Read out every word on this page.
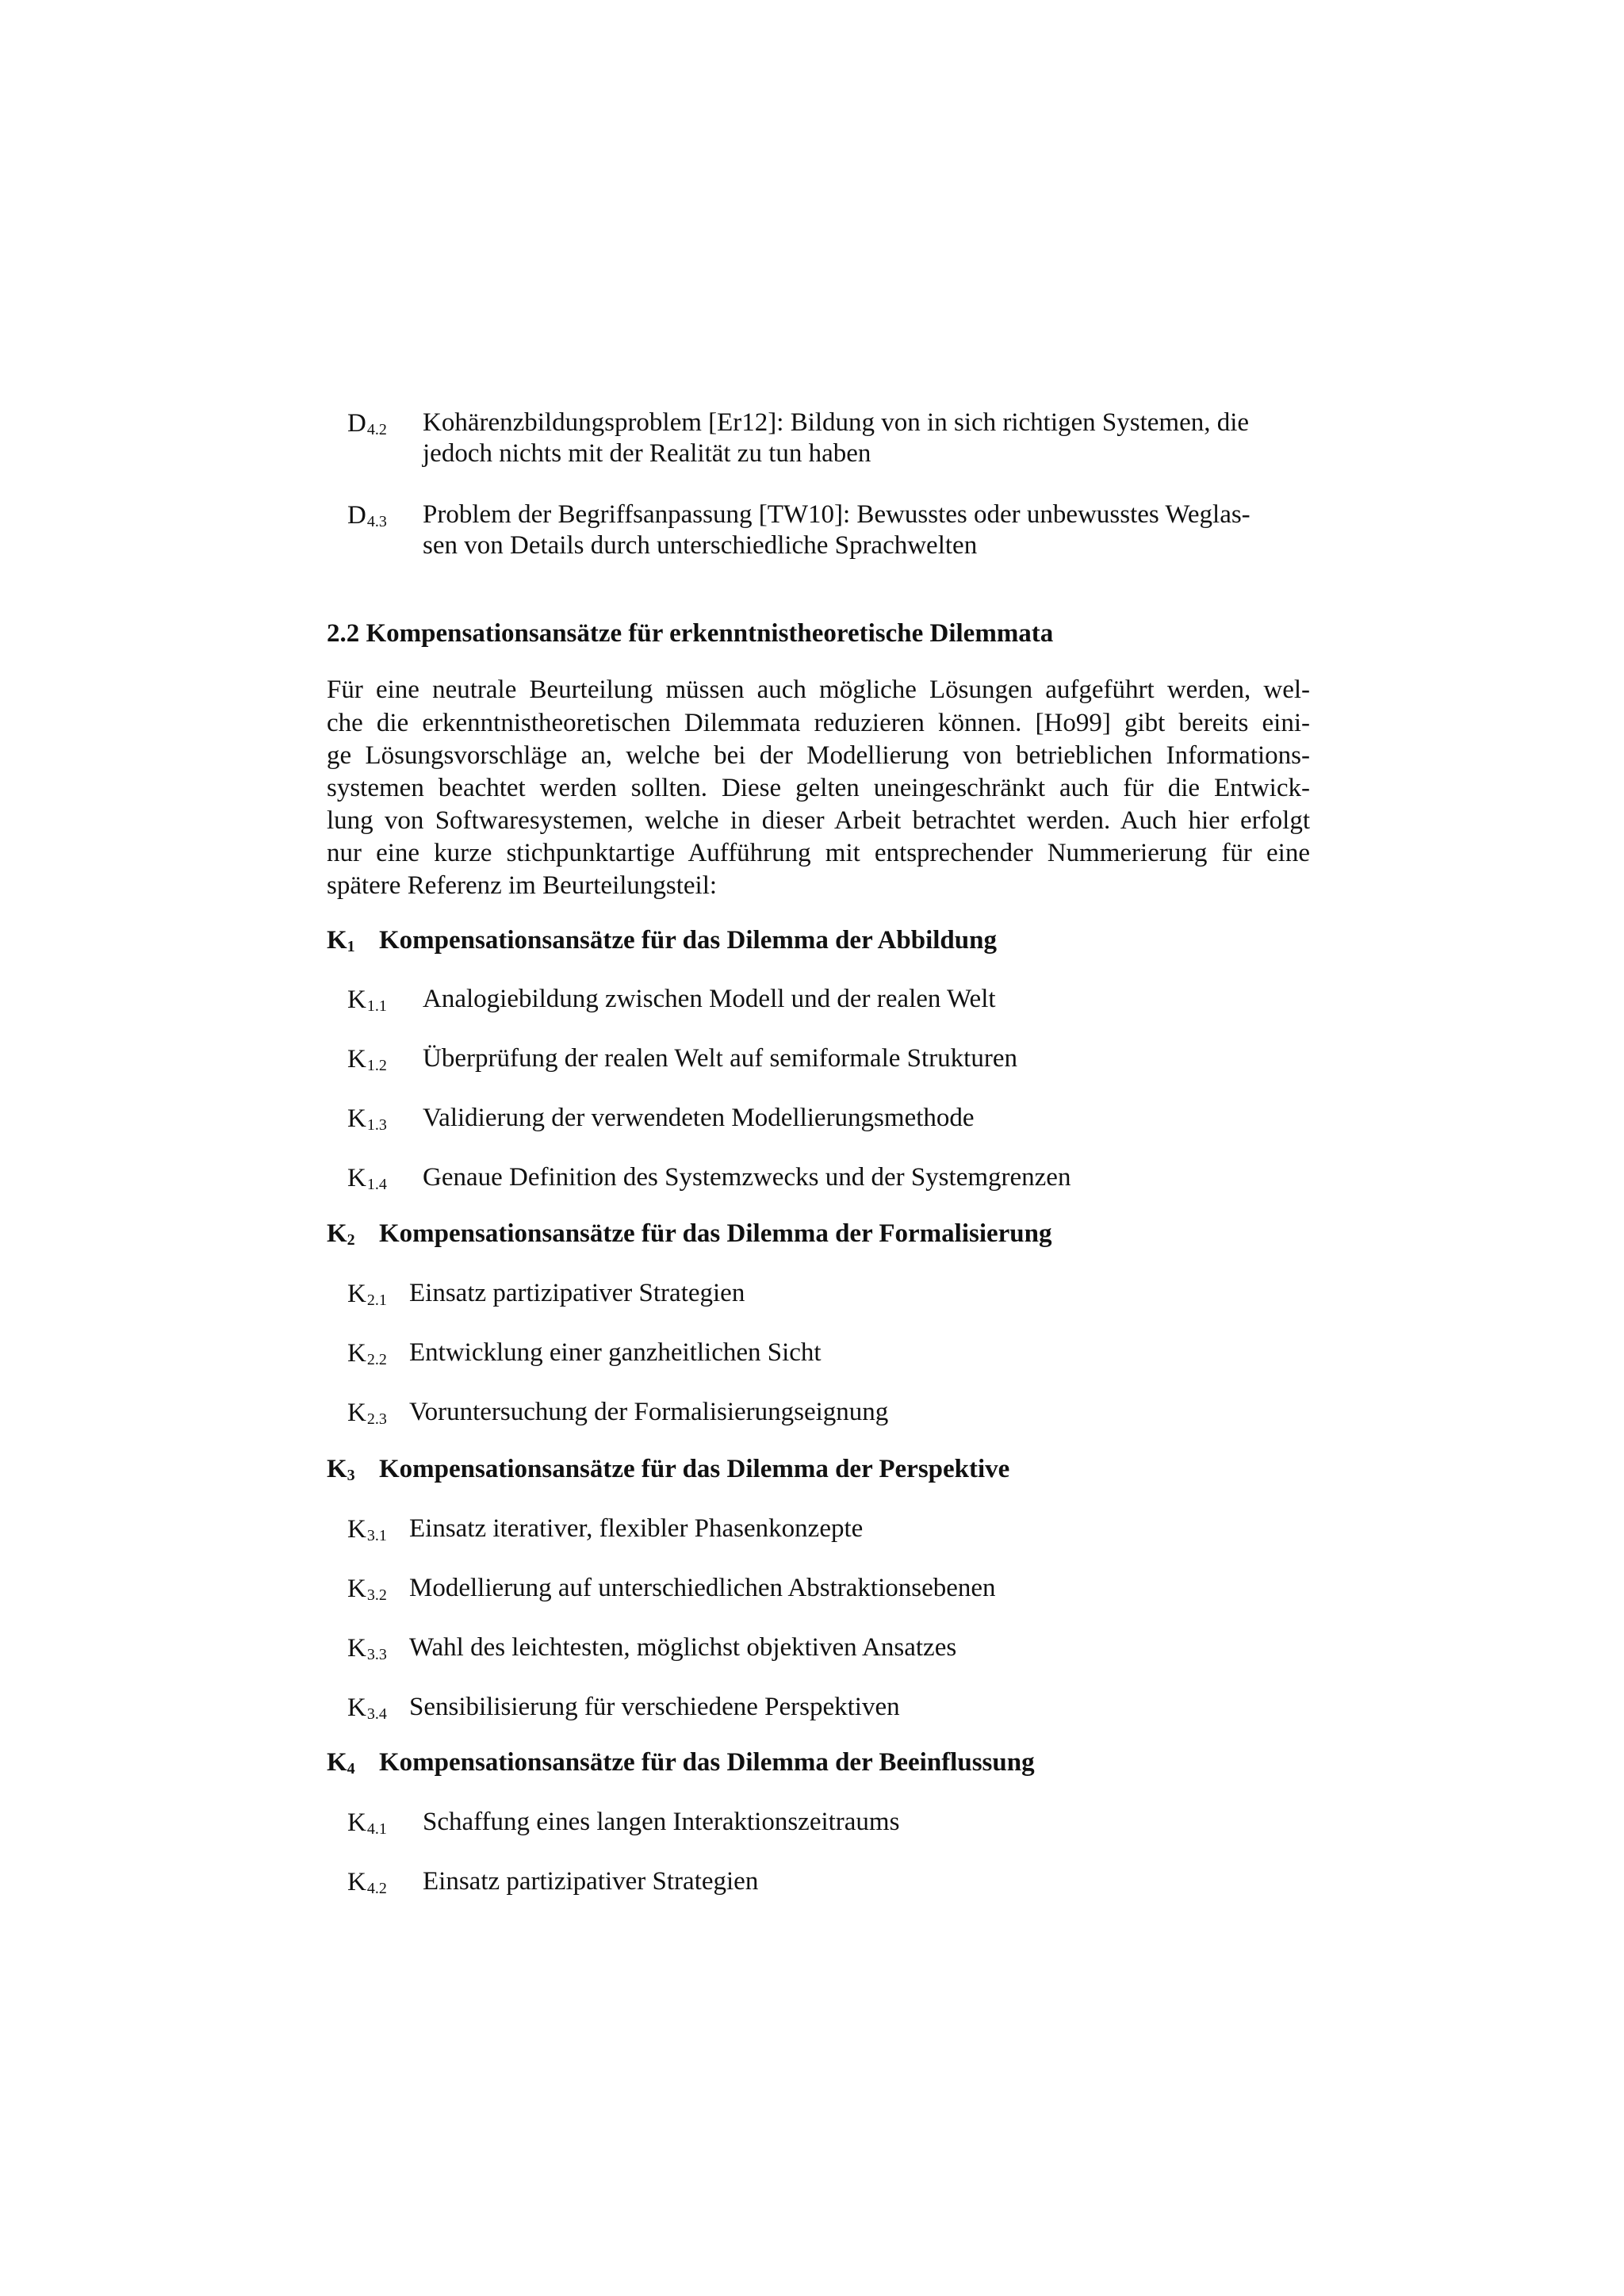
$D_{4.2}$ Kohärenzbildungsproblem [Er12]: Bildung von in sich richtigen Systemen, die
jedoch nichts mit der Realität zu tun haben
$D_{4.3}$ Problem der Begriffsanpassung [TW10]: Bewusstes oder unbewusstes Weglas-
sen von Details durch unterschiedliche Sprachwelten
2.2 Kompensationsansätze für erkenntnistheoretische Dilemmata
Für eine neutrale Beurteilung müssen auch mögliche Lösungen aufgeführt werden, wel-
che die erkenntnistheoretischen Dilemmata reduzieren können. [Ho99] gibt bereits eini-
ge Lösungsvorschläge an, welche bei der Modellierung von betrieblichen Informations-
systemen beachtet werden sollten. Diese gelten uneingeschränkt auch für die Entwick-
lung von Softwaresystemen, welche in dieser Arbeit betrachtet werden. Auch hier erfolgt
nur eine kurze stichpunktartige Aufführung mit entsprechender Nummerierung für eine
spätere Referenz im Beurteilungsteil:
$K_1$ Kompensationsansätze für das Dilemma der Abbildung
$K_{1.1}$ Analogiebildung zwischen Modell und der realen Welt
$K_{1.2}$ Überprüfung der realen Welt auf semiformale Strukturen
$K_{1.3}$ Validierung der verwendeten Modellierungsmethode
$K_{1.4}$ Genaue Definition des Systemzwecks und der Systemgrenzen
$K_2$ Kompensationsansätze für das Dilemma der Formalisierung
$K_{2.1}$ Einsatz partizipativer Strategien
$K_{2.2}$ Entwicklung einer ganzheitlichen Sicht
$K_{2.3}$ Voruntersuchung der Formalisierungseignung
$K_3$ Kompensationsansätze für das Dilemma der Perspektive
$K_{3.1}$ Einsatz iterativer, flexibler Phasenkonzepte
$K_{3.2}$ Modellierung auf unterschiedlichen Abstraktionsebenen
$K_{3.3}$ Wahl des leichtesten, möglichst objektiven Ansatzes
$K_{3.4}$ Sensibilisierung für verschiedene Perspektiven
$K_4$ Kompensationsansätze für das Dilemma der Beeinflussung
$K_{4.1}$ Schaffung eines langen Interaktionszeitraums
$K_{4.2}$ Einsatz partizipativer Strategien
